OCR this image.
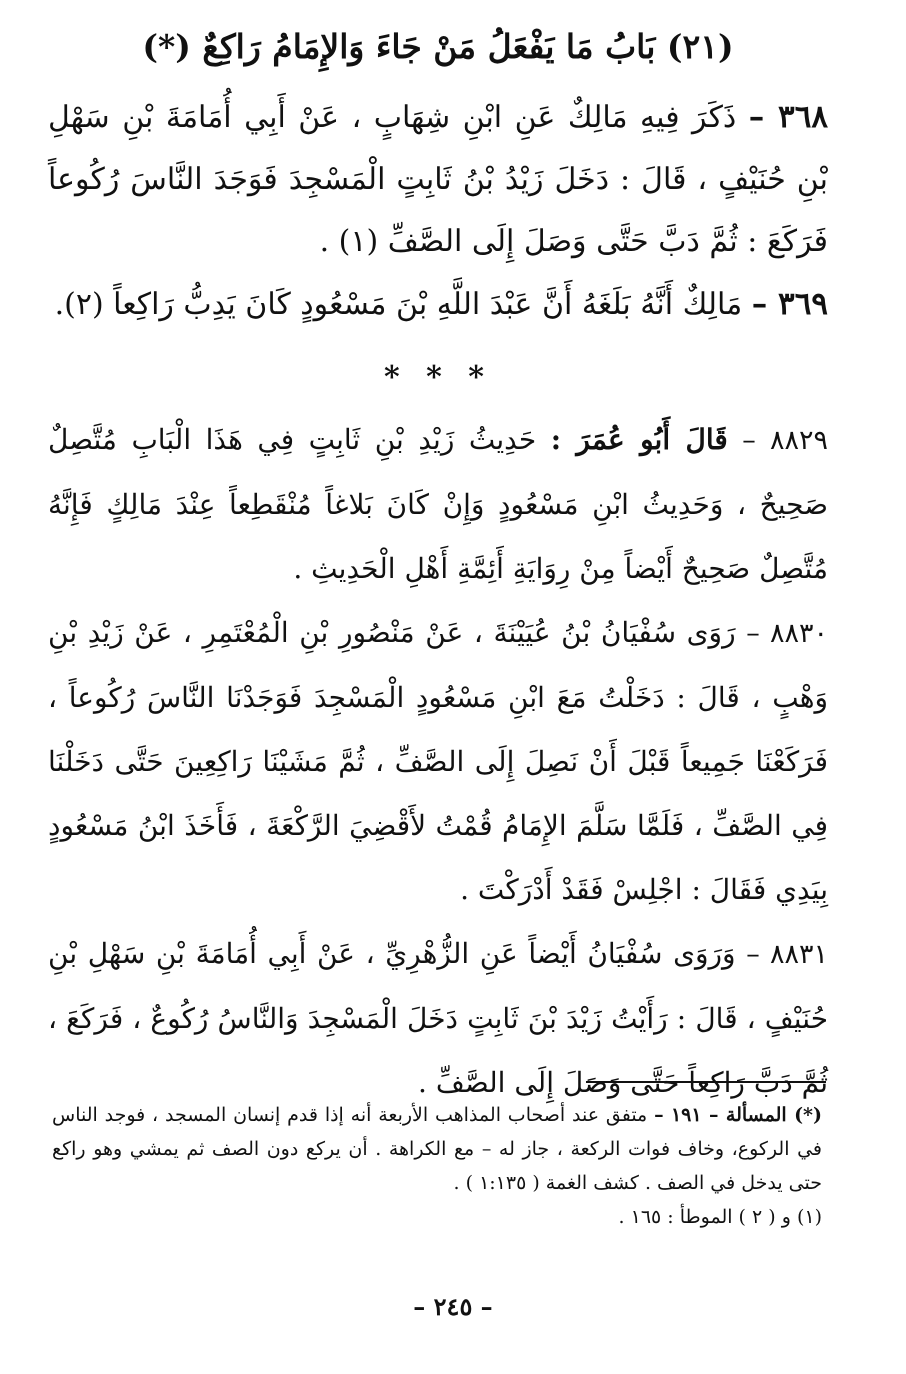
(٢١) بَابُ مَا يَفْعَلُ مَنْ جَاءَ وَالإِمَامُ رَاكِعٌ (*)

٣٦٨ – ذَكَرَ فِيهِ مَالِكٌ عَنِ ابْنِ شِهَابٍ ، عَنْ أَبِي أُمَامَةَ بْنِ سَهْلِ بْنِ حُنَيْفٍ ، قَالَ : دَخَلَ زَيْدُ بْنُ ثَابِتٍ الْمَسْجِدَ فَوَجَدَ النَّاسَ رُكُوعاً فَرَكَعَ : ثُمَّ دَبَّ حَتَّى وَصَلَ إِلَى الصَّفِّ (١) .

٣٦٩ – مَالِكٌ أَنَّهُ بَلَغَهُ أَنَّ عَبْدَ اللَّهِ بْنَ مَسْعُودٍ كَانَ يَدِبُّ رَاكِعاً (٢).

* * *

٨٨٢٩ – قَالَ أَبُو عُمَرَ : حَدِيثُ زَيْدِ بْنِ ثَابِتٍ فِي هَذَا الْبَابِ مُتَّصِلٌ صَحِيحٌ ، وَحَدِيثُ ابْنِ مَسْعُودٍ وَإِنْ كَانَ بَلاغاً مُنْقَطِعاً عِنْدَ مَالِكٍ فَإِنَّهُ مُتَّصِلٌ صَحِيحٌ أَيْضاً مِنْ رِوَايَةِ أَئِمَّةِ أَهْلِ الْحَدِيثِ .

٨٨٣٠ – رَوَى سُفْيَانُ بْنُ عُيَيْنَةَ ، عَنْ مَنْصُورِ بْنِ الْمُعْتَمِرِ ، عَنْ زَيْدِ بْنِ وَهْبٍ ، قَالَ : دَخَلْتُ مَعَ ابْنِ مَسْعُودٍ الْمَسْجِدَ فَوَجَدْنَا النَّاسَ رُكُوعاً ، فَرَكَعْنَا جَمِيعاً قَبْلَ أَنْ نَصِلَ إِلَى الصَّفِّ ، ثُمَّ مَشَيْنَا رَاكِعِينَ حَتَّى دَخَلْنَا فِي الصَّفِّ ، فَلَمَّا سَلَّمَ الإِمَامُ قُمْتُ لأَقْضِيَ الرَّكْعَةَ ، فَأَخَذَ ابْنُ مَسْعُودٍ بِيَدِي فَقَالَ : اجْلِسْ فَقَدْ أَدْرَكْتَ .

٨٨٣١ – وَرَوَى سُفْيَانُ أَيْضاً عَنِ الزُّهْرِيِّ ، عَنْ أَبِي أُمَامَةَ بْنِ سَهْلِ بْنِ حُنَيْفٍ ، قَالَ : رَأَيْتُ زَيْدَ بْنَ ثَابِتٍ دَخَلَ الْمَسْجِدَ وَالنَّاسُ رُكُوعٌ ، فَرَكَعَ ، ثُمَّ دَبَّ رَاكِعاً حَتَّى وَصَلَ إِلَى الصَّفِّ .

(*) المسألة – ١٩١ – متفق عند أصحاب المذاهب الأربعة أنه إذا قدم إنسان المسجد ، فوجد الناس في الركوع، وخاف فوات الركعة ، جاز له – مع الكراهة . أن يركع دون الصف ثم يمشي وهو راكع حتى يدخل في الصف . كشف الغمة ( ١:١٣٥ ) .

(١) و ( ٢ ) الموطأ : ١٦٥ .

– ٢٤٥ –
